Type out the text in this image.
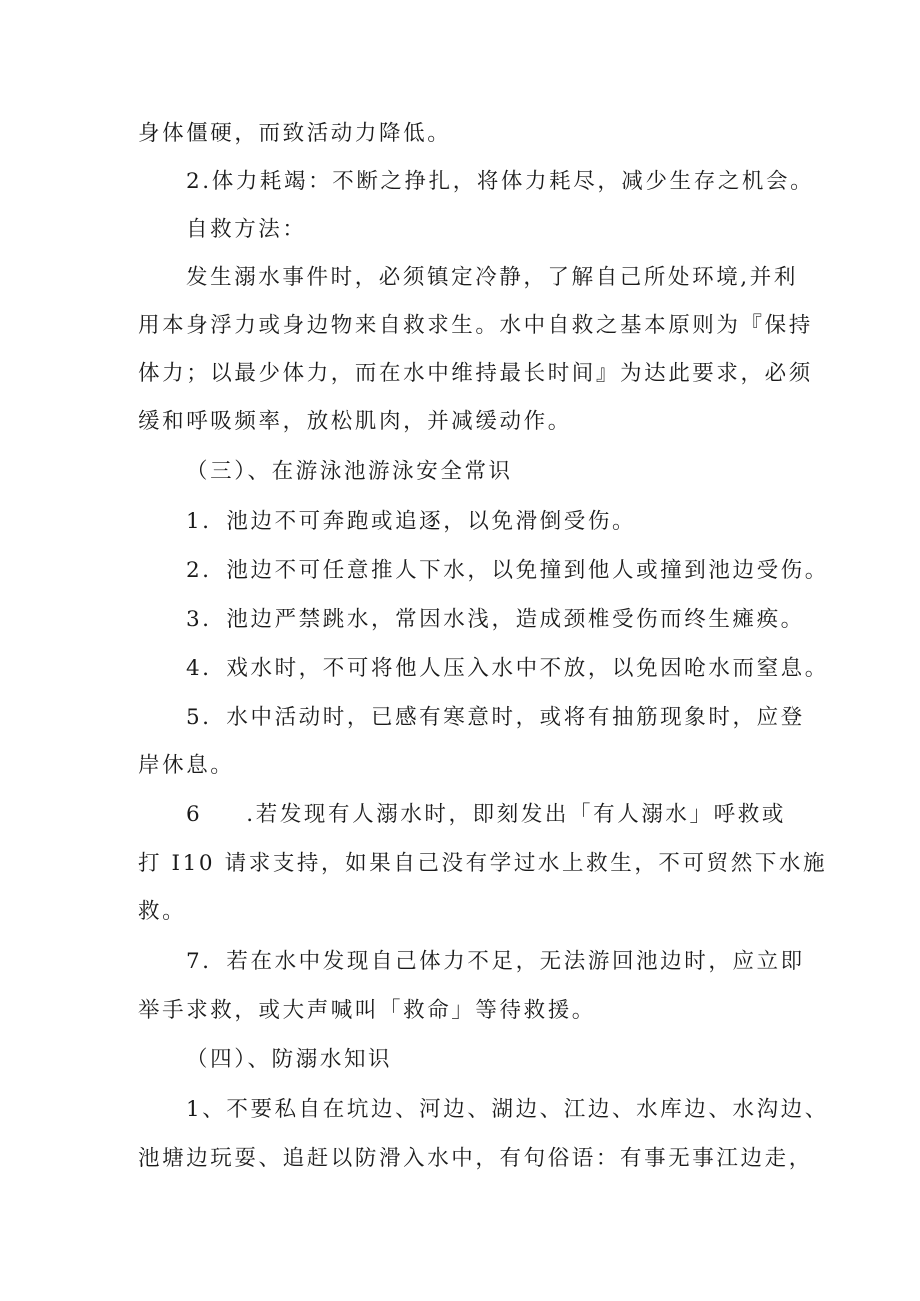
身体僵硬，而致活动力降低。

2.体力耗竭：不断之挣扎，将体力耗尽，减少生存之机会。

自救方法：

发生溺水事件时，必须镇定冷静，了解自己所处环境,并利

用本身浮力或身边物来自救求生。水中自救之基本原则为『保持

体力；以最少体力，而在水中维持最长时间』为达此要求，必须

缓和呼吸频率，放松肌肉，并减缓动作。

（三）、在游泳池游泳安全常识

1．池边不可奔跑或追逐，以免滑倒受伤。

2．池边不可任意推人下水，以免撞到他人或撞到池边受伤。

3．池边严禁跳水，常因水浅，造成颈椎受伤而终生瘫痪。

4．戏水时，不可将他人压入水中不放，以免因呛水而窒息。

5．水中活动时，已感有寒意时，或将有抽筋现象时，应登

岸休息。

6 .若发现有人溺水时，即刻发出「有人溺水」呼救或

打 I10 请求支持，如果自己没有学过水上救生，不可贸然下水施

救。

7．若在水中发现自己体力不足，无法游回池边时，应立即

举手求救，或大声喊叫「救命」等待救援。

（四）、防溺水知识

1、不要私自在坑边、河边、湖边、江边、水库边、水沟边、

池塘边玩耍、追赶以防滑入水中，有句俗语：有事无事江边走，
